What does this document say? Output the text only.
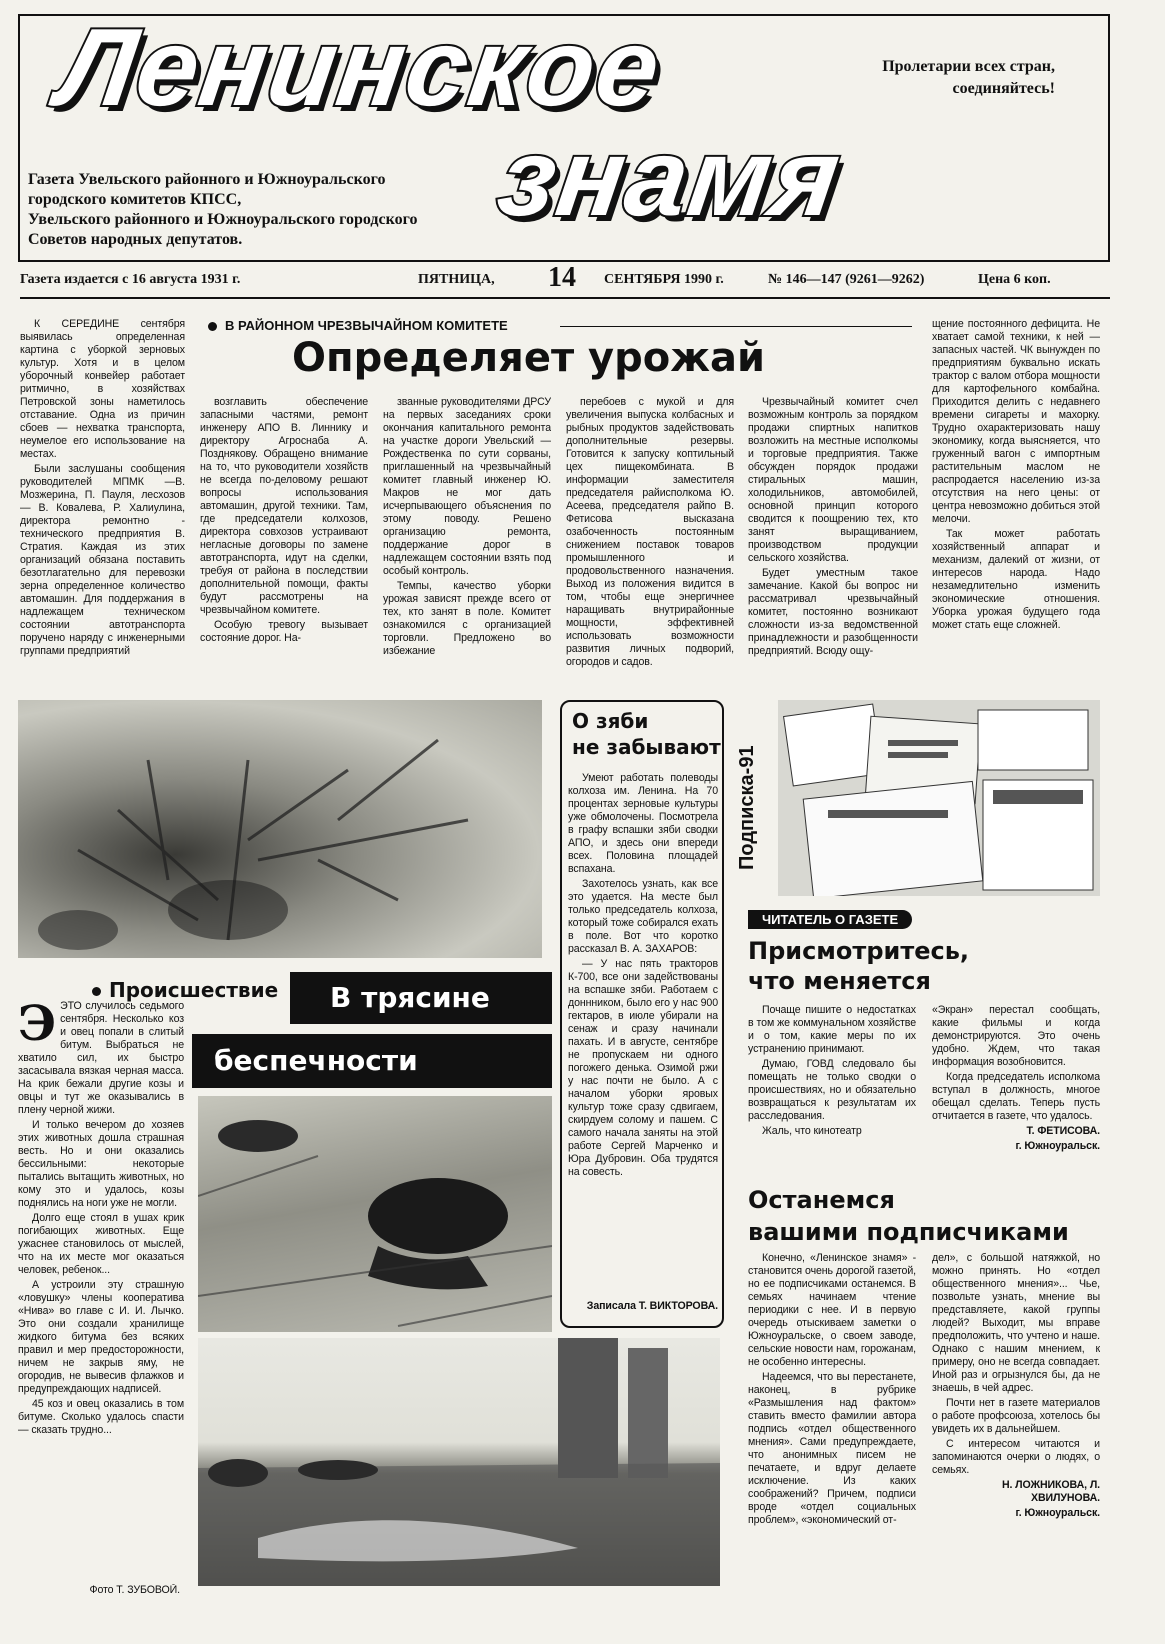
Ленинское
знамя
Пролетарии всех стран,
соединяйтесь!
Газета Увельского районного и Южноуральского
городского комитетов КПСС,
Увельского районного и Южноуральского городского
Советов народных депутатов.
Газета издается с 16 августа 1931 г.	ПЯТНИЦА, 14 СЕНТЯБРЯ 1990 г.	№ 146—147 (9261—9262)	Цена 6 коп.
В РАЙОННОМ ЧРЕЗВЫЧАЙНОМ КОМИТЕТЕ
Определяет урожай

К СЕРЕДИНЕ сентября выявилась определенная картина с уборкой зерновых культур. Хотя и в целом уборочный конвейер работает ритмично, в хозяйствах Петровской зоны наметилось отставание. Одна из причин сбоев — нехватка транспорта, неумелое его использование на местах.

Были заслушаны сообщения руководителей МПМК —В. Мозжерина, П. Пауля, лесхозов — В. Ковалева, Р. Халиулина, директора ремонтно - технического предприятия В. Стратия. Каждая из этих организаций обязана поставить безотлагательно для перевозки зерна определенное количество автомашин. Для поддержания в надлежащем техническом состоянии автотранспорта поручено наряду с инженерными группами предприятий

возглавить обеспечение запасными частями, ремонт инженеру АПО В. Линнику и директору Агроснаба А. Позднякову. Обращено внимание на то, что руководители хозяйств не всегда по-деловому решают вопросы использования автомашин, другой техники. Там, где председатели колхозов, директора совхозов устраивают неглaсные договоры по замене автотранспорта, идут на сделки, требуя от района в последствии дополнительной помощи, факты будут рассмотрены на чрезвычайном комитете.

Особую тревогу вызывает состояние дорог. На-

званные руководителями ДРСУ на первых заседаниях сроки окончания капитального ремонта на участке дороги Увельский — Рождественка по сути сорваны, приглашенный на чрезвычайный комитет главный инженер Ю. Макров не мог дать исчерпывающего объяснения по этому поводу. Решено организацию ремонта, поддержание дорог в надлежащем состоянии взять под особый контроль.

Темпы, качество уборки урожая зависят прежде всего от тех, кто занят в поле. Комитет ознакомился с организацией торговли. Предложено во избежание

перебоев с мукой и для увеличения выпуска колбасных и рыбных продуктов задействовать дополнительные резервы. Готовится к запуску коптильный цех пищекомбината. В информации заместителя председателя райисполкома Ю. Асеева, председателя райпо В. Фетисова высказана озабоченность постоянным снижением поставок товаров промышленного и продовольственного назначения. Выход из положения видится в том, чтобы еще энергичнее наращивать внутрирайонные мощности, эффективней использовать возможности развития личных подворий, огородов и садов.

Чрезвычайный комитет счел возможным контроль за порядком продажи спиртных напитков возложить на местные исполкомы и торговые предприятия. Также обсужден порядок продажи стиральных машин, холодильников, автомобилей, основной принцип которого сводится к поощрению тех, кто занят выращиванием, производством продукции сельского хозяйства.

Будет уместным такое замечание. Какой бы вопрос ни рассматривал чрезвычайный комитет, постоянно возникают сложности из-за ведомственной принадлежности и разобщенности предприятий. Всюду ощу-

щение постоянного дефицита. Не хватает самой техники, к ней —запасных частей. ЧК вынужден по предприятиям буквально искать трактор с валом отбора мощности для картофельного комбайна. Приходится делить с недавнего времени сигареты и махорку. Трудно охарактеризовать нашу экономику, когда выясняется, что груженный вагон с импортным растительным маслом не распродается населению из-за отсутствия на него цены: от центра невозможно добиться этой мелочи.

Так может работать хозяйственный аппарат и механизм, далекий от жизни, от интересов народа. Надо незамедлительно изменить экономические отношения. Уборка урожая будущего года может стать еще сложней.

О зяби
не забывают

Умеют работать полеводы колхоза им. Ленина. На 70 процентах зерновые культуры уже обмолочены. Посмотрела в графу вспашки зяби сводки АПО, и здесь они впереди всех. Половина площадей вспахана.

Захотелось узнать, как все это удается. На месте был только председатель колхоза, который тоже собирался ехать в поле. Вот что коротко рассказал В. А. ЗАХАРОВ:

— У нас пять тракторов К-700, все они задействованы на вспашке зяби. Работаем с доннником, было его у нас 900 гектаров, в июле убирали на сенаж и сразу начинали пахать. И в августе, сентябре не пропускаем ни одного погожего денька. Озимой ржи у нас почти не было. А с началом уборки яровых культур тоже сразу сдвигаем, скирдуем солому и пашем. С самого начала заняты на этой работе Сергей Марченко и Юра Дубровин. Оба трудятся на совесть.

Записала Т. ВИКТОРОВА.
Подписка-91
ЧИТАТЕЛЬ О ГАЗЕТЕ
Присмотритесь,
что меняется

Почаще пишите о недостатках в том же коммунальном хозяйстве и о том, какие меры по их устранению принимают.

Думаю, ГОВД следовало бы помещать не только сводки о происшествиях, но и обязательно возвращаться к результатам их расследования.

Жаль, что кинотеатр

«Экран» перестал сообщать, какие фильмы и когда демонстрируются. Это очень удобно. Ждем, что такая информация возобновится.

Когда председатель исполкома вступал в должность, многое обещал сделать. Теперь пусть отчитается в газете, что удалось.

Т. ФЕТИСОВА.

г. Южноуральск.

Останемся
вашими подписчиками

Конечно, «Ленинское знамя» - становится очень дорогой газетой, но ее подписчиками останемся. В семьях начинаем чтение периодики с нее. И в первую очередь отыскиваем заметки о Южноуральске, о своем заводе, сельские новости нам, горожанам, не особенно интересны.

Надеемся, что вы перестанете, наконец, в рубрике «Размышления над фактом» ставить вместо фамилии автора подпись «отдел общественного мнения». Сами предупреждаете, что анонимных писем не печатаете, и вдруг делаете исключение. Из каких соображений? Причем, подписи вроде «отдел социальных проблем», «экономический от-

дел», с большой натяжкой, но можно принять. Но «отдел общественного мнения»... Чье, позвольте узнать, мнение вы представляете, какой группы людей? Выходит, мы вправе предположить, что учтено и наше. Однако с нашим мнением, к примеру, оно не всегда совпадает. Иной раз и огрызнулся бы, да не знаешь, в чей адрес.

Почти нет в газете материалов о работе профсоюза, хотелось бы увидеть их в дальнейшем.

С интересом читаются и запоминаются очерки о людях, о семьях.

Н. ЛОЖНИКОВА, Л. ХВИЛУНОВА.

г. Южноуральск.

Происшествие	В трясине
беспечности

ЭЭТО случилось седьмого сентября. Несколько коз и овец попали в слитый битум. Выбраться не хватило сил, их быстро засасывала вязкая черная масса. На крик бежали другие козы и овцы и тут же оказывались в плену черной жижи.

И только вечером до хозяев этих животных дошла страшная весть. Но и они оказались бессильными: некоторые пытались вытащить животных, но кому это и удалось, козы поднялись на ноги уже не могли.

Долго еще стоял в ушах крик погибающих животных. Еще ужаснее становилось от мыслей, что на их месте мог оказаться человек, ребенок...

А устроили эту страшную «ловушку» члены кооператива «Нива» во главе с И. И. Лычко. Это они создали хранилище жидкого битума без всяких правил и мер предосторожности, ничем не закрыв яму, не огородив, не вывесив флажков и предупреждающих надписей.

45 коз и овец оказались в том битуме. Сколько удалось спасти — сказать трудно...

Фото Т. ЗУБОВОЙ.
